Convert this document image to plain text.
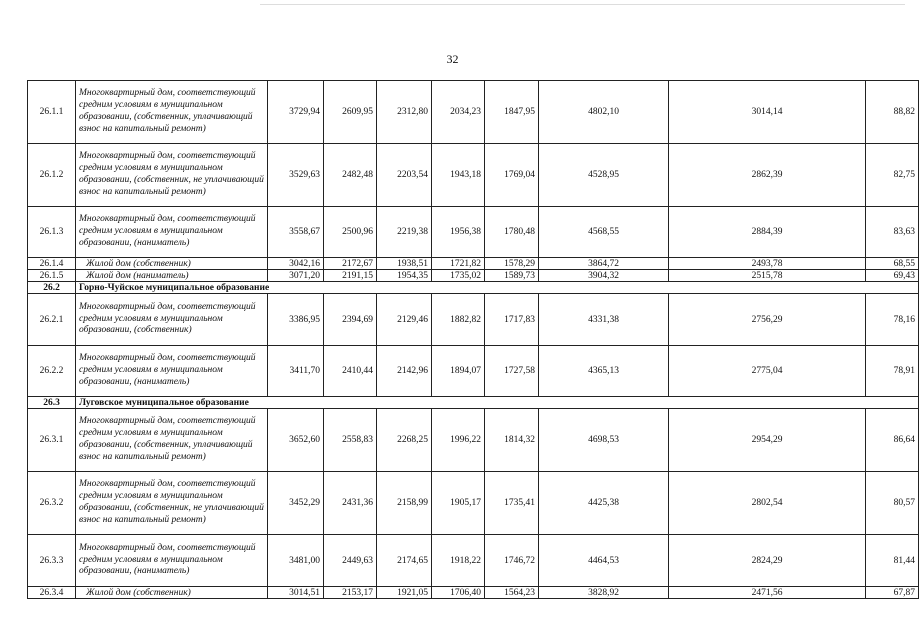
32
26.1.1	Многоквартирный дом, соответствующий средним условиям в муниципальном образовании, (собственник, уплачивающий взнос на капитальный ремонт)	3729,94	2609,95	2312,80	2034,23	1847,95	4802,10	3014,14	88,82
26.1.2	Многоквартирный дом, соответствующий средним условиям в муниципальном образовании, (собственник, не уплачивающий взнос на капитальный ремонт)	3529,63	2482,48	2203,54	1943,18	1769,04	4528,95	2862,39	82,75
26.1.3	Многоквартирный дом, соответствующий средним условиям в муниципальном образовании, (наниматель)	3558,67	2500,96	2219,38	1956,38	1780,48	4568,55	2884,39	83,63
26.1.4	Жилой дом (собственник)	3042,16	2172,67	1938,51	1721,82	1578,29	3864,72	2493,78	68,55
26.1.5	Жилой дом (наниматель)	3071,20	2191,15	1954,35	1735,02	1589,73	3904,32	2515,78	69,43
26.2	Горно-Чуйское муниципальное образование								
26.2.1	Многоквартирный дом, соответствующий средним условиям в муниципальном образовании, (собственник)	3386,95	2394,69	2129,46	1882,82	1717,83	4331,38	2756,29	78,16
26.2.2	Многоквартирный дом, соответствующий средним условиям в муниципальном образовании, (наниматель)	3411,70	2410,44	2142,96	1894,07	1727,58	4365,13	2775,04	78,91
26.3	Луговское муниципальное образование								
26.3.1	Многоквартирный дом, соответствующий средним условиям в муниципальном образовании, (собственник, уплачивающий взнос на капитальный ремонт)	3652,60	2558,83	2268,25	1996,22	1814,32	4698,53	2954,29	86,64
26.3.2	Многоквартирный дом, соответствующий средним условиям в муниципальном образовании, (собственник, не уплачивающий взнос на капитальный ремонт)	3452,29	2431,36	2158,99	1905,17	1735,41	4425,38	2802,54	80,57
26.3.3	Многоквартирный дом, соответствующий средним условиям в муниципальном образовании, (наниматель)	3481,00	2449,63	2174,65	1918,22	1746,72	4464,53	2824,29	81,44
26.3.4	Жилой дом (собственник)	3014,51	2153,17	1921,05	1706,40	1564,23	3828,92	2471,56	67,87
